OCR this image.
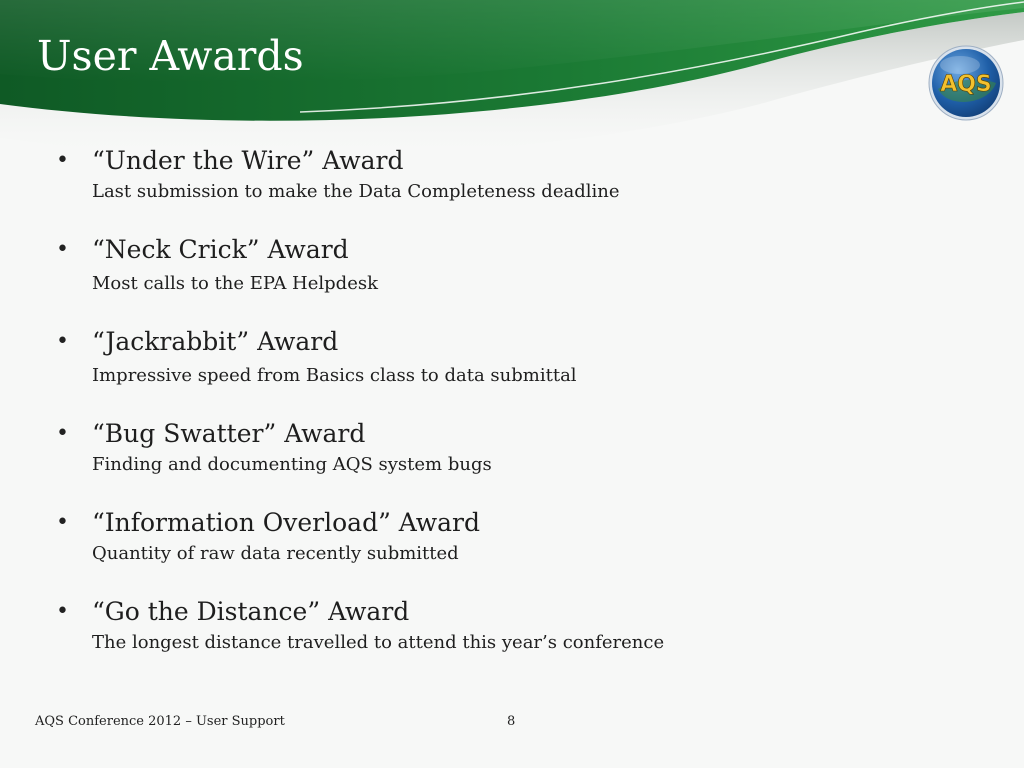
User Awards
AQS
• “Under the Wire” Award
Last submission to make the Data Completeness deadline
• “Neck Crick” Award
Most calls to the EPA Helpdesk
• “Jackrabbit” Award
Impressive speed from Basics class to data submittal
• “Bug Swatter” Award
Finding and documenting AQS system bugs
• “Information Overload” Award
Quantity of raw data recently submitted
• “Go the Distance” Award
The longest distance travelled to attend this year’s conference
AQS Conference 2012 – User Support	8
